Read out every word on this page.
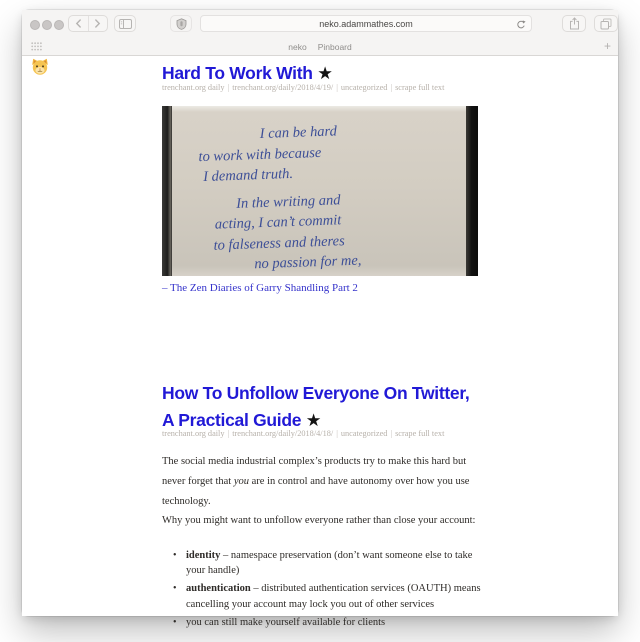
neko.adammathes.com
neko Pinboard	+
Hard To Work With ★
trenchant.org daily | trenchant.org/daily/2018/4/19/ | uncategorized | scrape full text
I can be hard
to work with because
I demand truth.
In the writing and
acting, I can’t commit
to falseness and theres
no passion for me,
– The Zen Diaries of Garry Shandling Part 2
How To Unfollow Everyone On Twitter,
A Practical Guide ★
trenchant.org daily | trenchant.org/daily/2018/4/18/ | uncategorized | scrape full text
The social media industrial complex’s products try to make this hard but never forget that you are in control and have autonomy over how you use technology.
Why you might want to unfollow everyone rather than close your account:
• identity – namespace preservation (don’t want someone else to take your handle)
• authentication – distributed authentication services (OAUTH) means cancelling your account may lock you out of other services
• you can still make yourself available for clients
